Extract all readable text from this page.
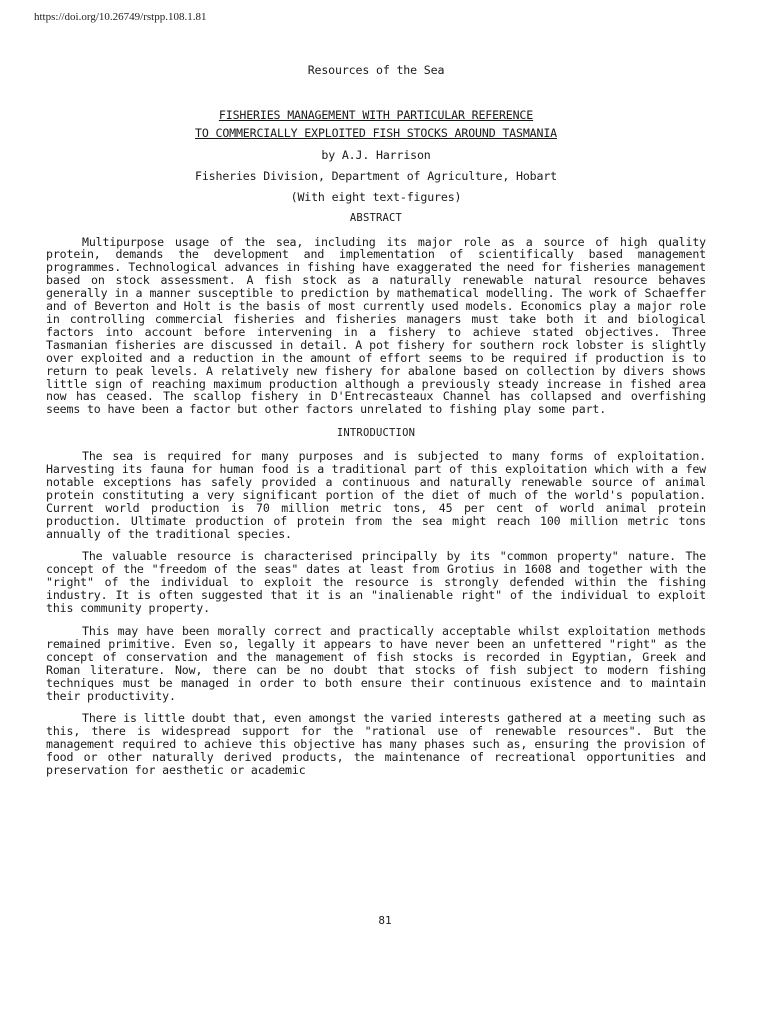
https://doi.org/10.26749/rstpp.108.1.81
Resources of the Sea
FISHERIES MANAGEMENT WITH PARTICULAR REFERENCE
TO COMMERCIALLY EXPLOITED FISH STOCKS AROUND TASMANIA
by A.J. Harrison
Fisheries Division, Department of Agriculture, Hobart
(With eight text-figures)
ABSTRACT

Multipurpose usage of the sea, including its major role as a source of high quality protein, demands the development and implementation of scientifically based management programmes. Technological advances in fishing have exaggerated the need for fisheries management based on stock assessment. A fish stock as a naturally renewable natural resource behaves generally in a manner susceptible to prediction by mathematical modelling. The work of Schaeffer and of Beverton and Holt is the basis of most currently used models. Economics play a major role in controlling commercial fisheries and fisheries managers must take both it and biological factors into account before intervening in a fishery to achieve stated objectives. Three Tasmanian fisheries are discussed in detail. A pot fishery for southern rock lobster is slightly over exploited and a reduction in the amount of effort seems to be required if production is to return to peak levels. A relatively new fishery for abalone based on collection by divers shows little sign of reaching maximum production although a previously steady increase in fished area now has ceased. The scallop fishery in D'Entrecasteaux Channel has collapsed and overfishing seems to have been a factor but other factors unrelated to fishing play some part.

INTRODUCTION

The sea is required for many purposes and is subjected to many forms of exploitation. Harvesting its fauna for human food is a traditional part of this exploitation which with a few notable exceptions has safely provided a continuous and naturally renewable source of animal protein constituting a very significant portion of the diet of much of the world's population. Current world production is 70 million metric tons, 45 per cent of world animal protein production. Ultimate production of protein from the sea might reach 100 million metric tons annually of the traditional species.

The valuable resource is characterised principally by its "common property" nature. The concept of the "freedom of the seas" dates at least from Grotius in 1608 and together with the "right" of the individual to exploit the resource is strongly defended within the fishing industry. It is often suggested that it is an "inalienable right" of the individual to exploit this community property.

This may have been morally correct and practically acceptable whilst exploitation methods remained primitive. Even so, legally it appears to have never been an unfettered "right" as the concept of conservation and the management of fish stocks is recorded in Egyptian, Greek and Roman literature. Now, there can be no doubt that stocks of fish subject to modern fishing techniques must be managed in order to both ensure their continuous existence and to maintain their productivity.

There is little doubt that, even amongst the varied interests gathered at a meeting such as this, there is widespread support for the "rational use of renewable resources". But the management required to achieve this objective has many phases such as, ensuring the provision of food or other naturally derived products, the maintenance of recreational opportunities and preservation for aesthetic or academic

81
